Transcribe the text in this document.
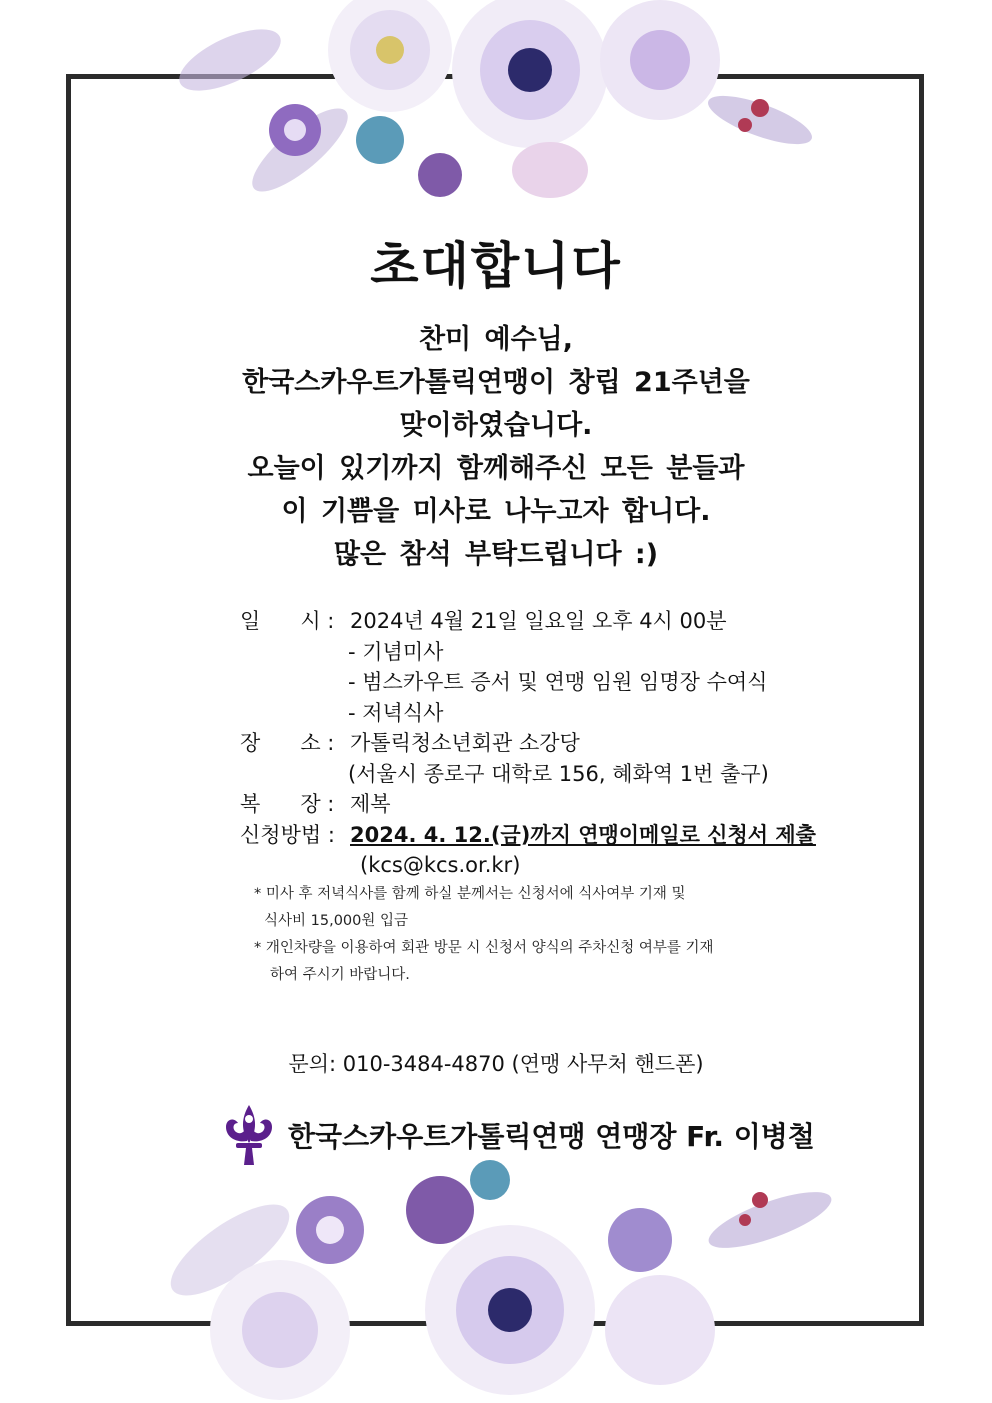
초대합니다
찬미 예수님,
한국스카우트가톨릭연맹이 창립 21주년을
맞이하였습니다.
오늘이 있기까지 함께해주신 모든 분들과
이 기쁨을 미사로 나누고자 합니다.
많은 참석 부탁드립니다 :)
일      시 : 2024년 4월 21일 일요일 오후 4시 00분
- 기념미사
- 범스카우트 증서 및 연맹 임원 임명장 수여식
- 저녁식사
장      소 : 가톨릭청소년회관 소강당
(서울시 종로구 대학로 156, 혜화역 1번 출구)
복      장 : 제복
신청방법 : 2024. 4. 12.(금)까지 연맹이메일로 신청서 제출
(kcs@kcs.or.kr)
* 미사 후 저녁식사를 함께 하실 분께서는 신청서에 식사여부 기재 및
식사비 15,000원 입금
* 개인차량을 이용하여 회관 방문 시 신청서 양식의 주차신청 여부를 기재
하여 주시기 바랍니다.
문의: 010-3484-4870 (연맹 사무처 핸드폰)
한국스카우트가톨릭연맹 연맹장 Fr. 이병철
